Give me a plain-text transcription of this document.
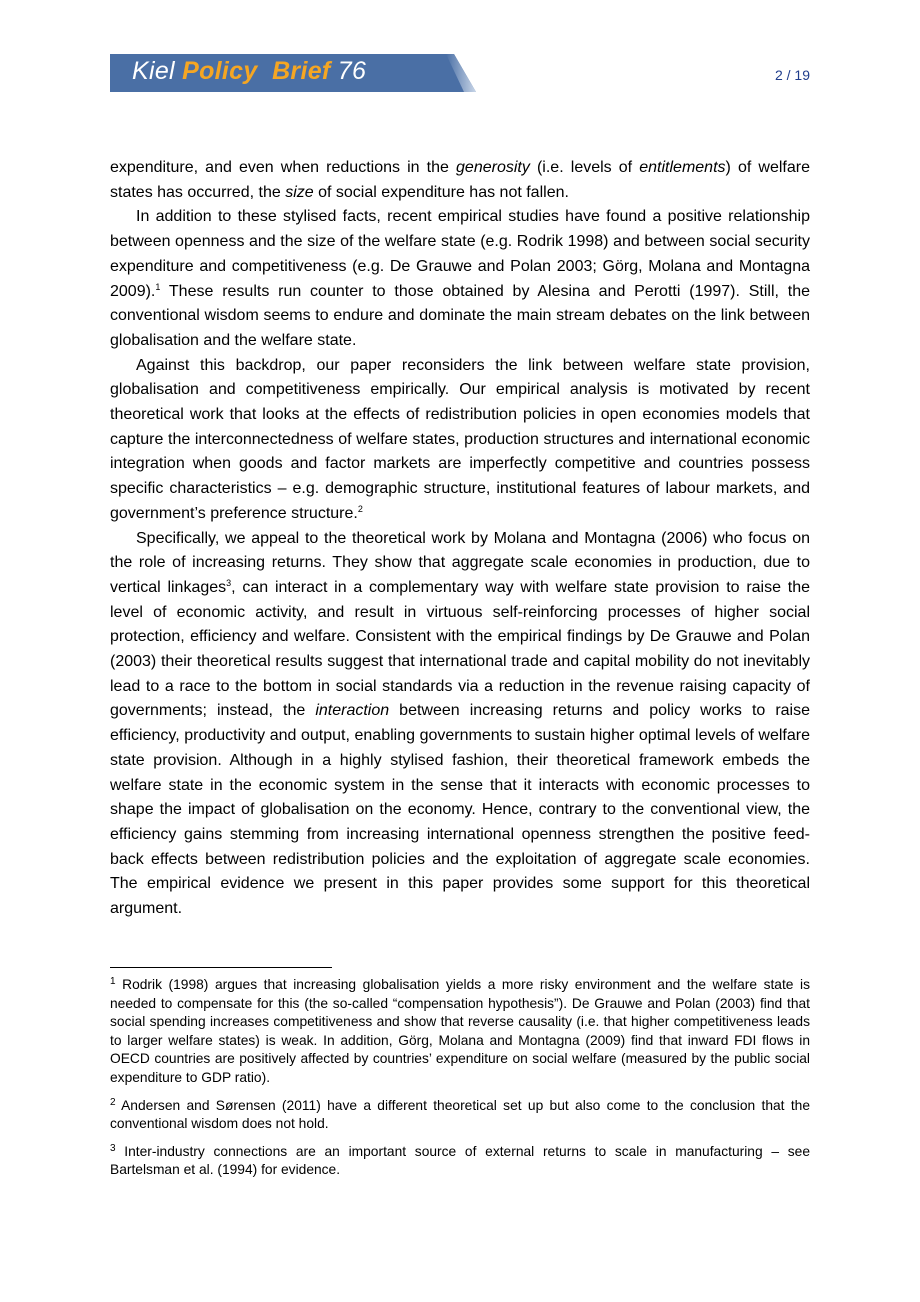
Kiel Policy  Brief 76	2 / 19

expenditure, and even when reductions in the generosity (i.e. levels of entitlements) of welfare states has occurred, the size of social expenditure has not fallen.

In addition to these stylised facts, recent empirical studies have found a positive relationship between openness and the size of the welfare state (e.g. Rodrik 1998) and between social security expenditure and competitiveness (e.g. De Grauwe and Polan 2003; Görg, Molana and Montagna 2009).$^1$ These results run counter to those obtained by Alesina and Perotti (1997). Still, the conventional wisdom seems to endure and dominate the main stream debates on the link between globalisation and the welfare state.

Against this backdrop, our paper reconsiders the link between welfare state provision, globalisation and competitiveness empirically. Our empirical analysis is motivated by recent theoretical work that looks at the effects of redistribution policies in open economies models that capture the interconnectedness of welfare states, production structures and international economic integration when goods and factor markets are imperfectly competitive and countries possess specific characteristics – e.g. demographic structure, institutional features of labour markets, and government’s preference structure.$^2$

Specifically, we appeal to the theoretical work by Molana and Montagna (2006) who focus on the role of increasing returns. They show that aggregate scale economies in production, due to vertical linkages$^3$, can interact in a complementary way with welfare state provision to raise the level of economic activity, and result in virtuous self-reinforcing processes of higher social protection, efficiency and welfare. Consistent with the empirical findings by De Grauwe and Polan (2003) their theoretical results suggest that international trade and capital mobility do not inevitably lead to a race to the bottom in social standards via a reduction in the revenue raising capacity of governments; instead, the interaction between increasing returns and policy works to raise efficiency, productivity and output, enabling governments to sustain higher optimal levels of welfare state provision. Although in a highly stylised fashion, their theoretical framework embeds the welfare state in the economic system in the sense that it interacts with economic processes to shape the impact of globalisation on the economy. Hence, contrary to the conventional view, the efficiency gains stemming from increasing international openness strengthen the positive feed-back effects between redistribution policies and the exploitation of aggregate scale economies. The empirical evidence we present in this paper provides some support for this theoretical argument.

$^1$ Rodrik (1998) argues that increasing globalisation yields a more risky environment and the welfare state is needed to compensate for this (the so-called “compensation hypothesis”). De Grauwe and Polan (2003) find that social spending increases competitiveness and show that reverse causality (i.e. that higher competitiveness leads to larger welfare states) is weak. In addition, Görg, Molana and Montagna (2009) find that inward FDI flows in OECD countries are positively affected by countries’ expenditure on social welfare (measured by the public social expenditure to GDP ratio).

$^2$ Andersen and Sørensen (2011) have a different theoretical set up but also come to the conclusion that the conventional wisdom does not hold.

$^3$ Inter-industry connections are an important source of external returns to scale in manufacturing – see Bartelsman et al. (1994) for evidence.
